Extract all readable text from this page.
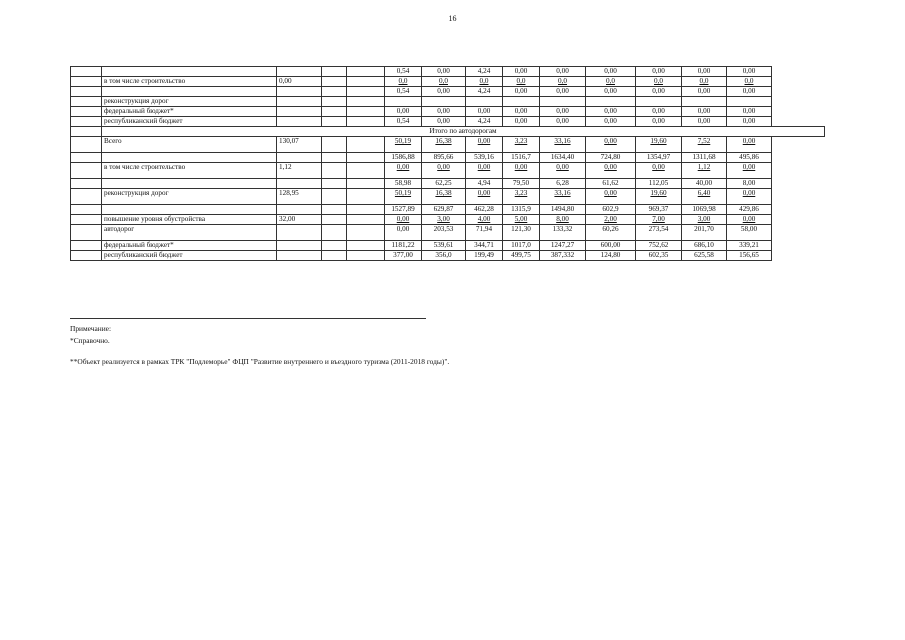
16
					0,54	0,00	4,24	0,00	0,00	0,00	0,00	0,00	0,00
	в том числе строительство	0,00			0,0	0,0	0,0	0,0	0,0	0,0	0,0	0,0	0,0
					0,54	0,00	4,24	0,00	0,00	0,00	0,00	0,00	0,00
	реконструкция дорог												
	федеральный бюджет*				0,00	0,00	0,00	0,00	0,00	0,00	0,00	0,00	0,00
	республиканский бюджет				0,54	0,00	4,24	0,00	0,00	0,00	0,00	0,00	0,00
	Итого по автодорогам												
	Всего	130,07			50,19	16,38	0,00	3,23	33,16	0,00	19,60	7,52	0,00
					1586,88	895,66	539,16	1516,7	1634,40	724,80	1354,97	1311,68	495,86
	в том числе строительство	1,12			0,00	0,00	0,00	0,00	0,00	0,00	0,00	1,12	0,00
					58,98	62,25	4,94	79,50	6,28	61,62	112,05	40,00	8,00
	реконструкция дорог	128,95			50,19	16,38	0,00	3,23	33,16	0,00	19,60	6,40	0,00
					1527,89	629,87	462,28	1315,9	1494,80	602,9	969,37	1069,98	429,86
	повышение уровня обустройства	32,00			0,00	3,00	4,00	5,00	8,00	2,00	7,00	3,00	0,00
	автодорог				0,00	203,53	71,94	121,30	133,32	60,26	273,54	201,70	58,00
	федеральный бюджет*				1181,22	539,61	344,71	1017,0	1247,27	600,00	752,62	686,10	339,21
	республиканский бюджет				377,00	356,0	199,49	499,75	387,332	124,80	602,35	625,58	156,65
Примечание:
*Справочно.
**Объект реализуется в рамках ТРК "Подлеморье" ФЦП "Развитие внутреннего и въездного туризма (2011-2018 годы)".
